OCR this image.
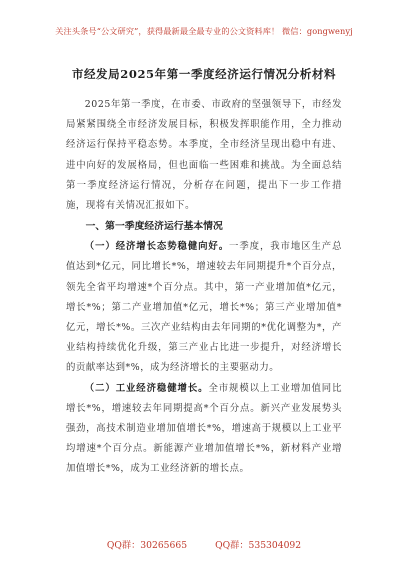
关注头条号“公文研究”，获得最新最全最专业的公文资料库！ 微信：gongwenyj
市经发局2025年第一季度经济运行情况分析材料

2025年第一季度，在市委、市政府的坚强领导下，市经发局紧紧围绕全市经济发展目标，积极发挥职能作用，全力推动经济运行保持平稳态势。本季度，全市经济呈现出稳中有进、进中向好的发展格局，但也面临一些困难和挑战。为全面总结第一季度经济运行情况，分析存在问题，提出下一步工作措施，现将有关情况汇报如下。

一、第一季度经济运行基本情况

（一）经济增长态势稳健向好。一季度，我市地区生产总值达到*亿元，同比增长*%，增速较去年同期提升*个百分点，领先全省平均增速*个百分点。其中，第一产业增加值*亿元，增长*%；第二产业增加值*亿元，增长*%；第三产业增加值*亿元，增长*%。三次产业结构由去年同期的*优化调整为*，产业结构持续优化升级，第三产业占比进一步提升，对经济增长的贡献率达到*%，成为经济增长的主要驱动力。

（二）工业经济稳健增长。全市规模以上工业增加值同比增长*%，增速较去年同期提高*个百分点。新兴产业发展势头强劲，高技术制造业增加值增长*%，增速高于规模以上工业平均增速*个百分点。新能源产业增加值增长*%，新材料产业增加值增长*%，成为工业经济新的增长点。

QQ群：30265665	QQ群：535304092
